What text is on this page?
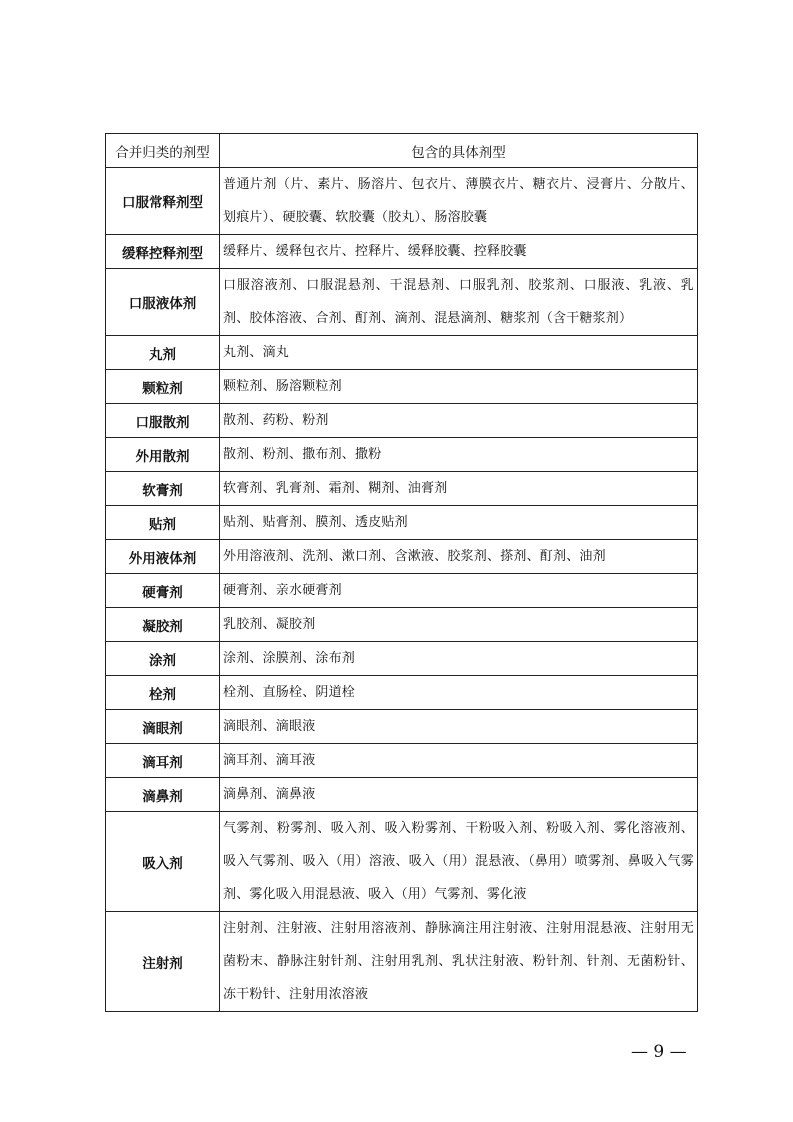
合并归类的剂型	包含的具体剂型
口服常释剂型	普通片剂（片、素片、肠溶片、包衣片、薄膜衣片、糖衣片、浸膏片、分散片、划痕片）、硬胶囊、软胶囊（胶丸）、肠溶胶囊
缓释控释剂型	缓释片、缓释包衣片、控释片、缓释胶囊、控释胶囊
口服液体剂	口服溶液剂、口服混悬剂、干混悬剂、口服乳剂、胶浆剂、口服液、乳液、乳剂、胶体溶液、合剂、酊剂、滴剂、混悬滴剂、糖浆剂（含干糖浆剂）
丸剂	丸剂、滴丸
颗粒剂	颗粒剂、肠溶颗粒剂
口服散剂	散剂、药粉、粉剂
外用散剂	散剂、粉剂、撒布剂、撒粉
软膏剂	软膏剂、乳膏剂、霜剂、糊剂、油膏剂
贴剂	贴剂、贴膏剂、膜剂、透皮贴剂
外用液体剂	外用溶液剂、洗剂、漱口剂、含漱液、胶浆剂、搽剂、酊剂、油剂
硬膏剂	硬膏剂、亲水硬膏剂
凝胶剂	乳胶剂、凝胶剂
涂剂	涂剂、涂膜剂、涂布剂
栓剂	栓剂、直肠栓、阴道栓
滴眼剂	滴眼剂、滴眼液
滴耳剂	滴耳剂、滴耳液
滴鼻剂	滴鼻剂、滴鼻液
吸入剂	气雾剂、粉雾剂、吸入剂、吸入粉雾剂、干粉吸入剂、粉吸入剂、雾化溶液剂、吸入气雾剂、吸入（用）溶液、吸入（用）混悬液、（鼻用）喷雾剂、鼻吸入气雾剂、雾化吸入用混悬液、吸入（用）气雾剂、雾化液
注射剂	注射剂、注射液、注射用溶液剂、静脉滴注用注射液、注射用混悬液、注射用无菌粉末、静脉注射针剂、注射用乳剂、乳状注射液、粉针剂、针剂、无菌粉针、冻干粉针、注射用浓溶液
— 9 —
